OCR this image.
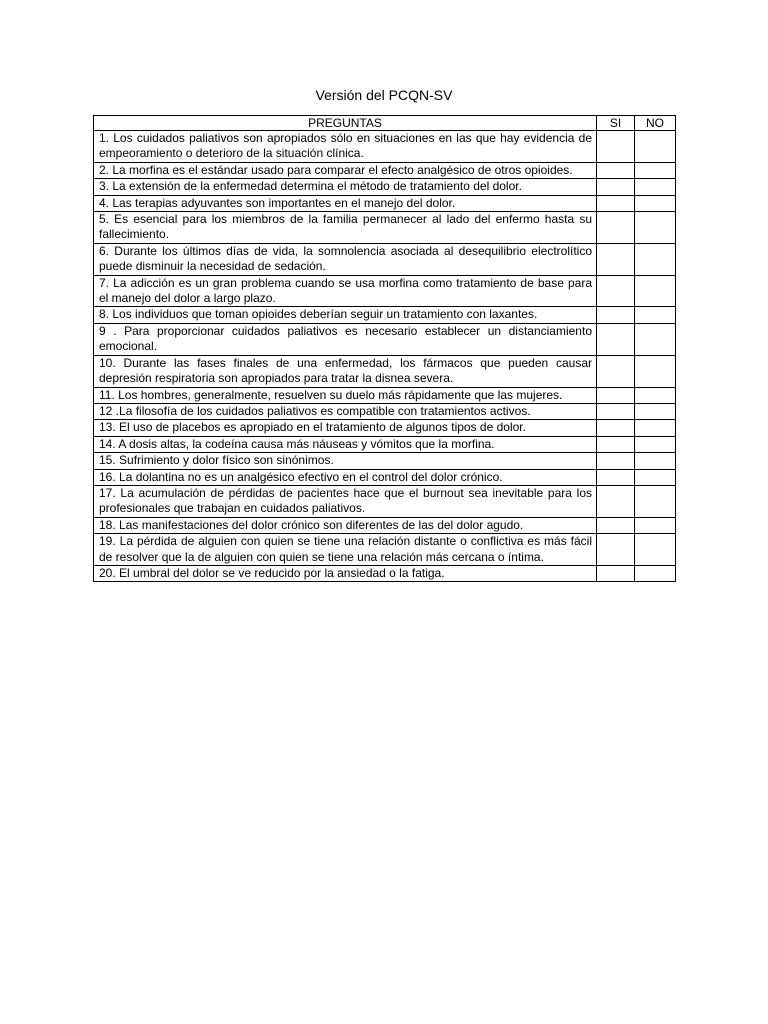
Versión del PCQN-SV
PREGUNTAS	SI	NO
1. Los cuidados paliativos son apropiados sólo en situaciones en las que hay evidencia de empeoramiento o deterioro de la situación clínica.		
2. La morfina es el estándar usado para comparar el efecto analgésico de otros opioides.		
3. La extensión de la enfermedad determina el método de tratamiento del dolor.		
4. Las terapias adyuvantes son importantes en el manejo del dolor.		
5. Es esencial para los miembros de la familia permanecer al lado del enfermo hasta su fallecimiento.		
6. Durante los últimos días de vida, la somnolencia asociada al desequilibrio electrolítico puede disminuir la necesidad de sedación.		
7. La adicción es un gran problema cuando se usa morfina como tratamiento de base para el manejo del dolor a largo plazo.		
8. Los individuos que toman opioides deberían seguir un tratamiento con laxantes.		
9 . Para proporcionar cuidados paliativos es necesario establecer un distanciamiento emocional.		
10. Durante las fases finales de una enfermedad, los fármacos que pueden causar depresión respiratoria son apropiados para tratar la disnea severa.		
11. Los hombres, generalmente, resuelven su duelo más rápidamente que las mujeres.		
12 .La filosofía de los cuidados paliativos es compatible con tratamientos activos.		
13. El uso de placebos es apropiado en el tratamiento de algunos tipos de dolor.		
14. A dosis altas, la codeína causa más náuseas y vómitos que la morfina.		
15. Sufrimiento y dolor físico son sinónimos.		
16. La dolantina no es un analgésico efectivo en el control del dolor crónico.		
17. La acumulación de pérdidas de pacientes hace que el burnout sea inevitable para los profesionales que trabajan en cuidados paliativos.		
18. Las manifestaciones del dolor crónico son diferentes de las del dolor agudo.		
19. La pérdida de alguien con quien se tiene una relación distante o conflictiva es más fácil de resolver que la de alguien con quien se tiene una relación más cercana o íntima.		
20. El umbral del dolor se ve reducido por la ansiedad o la fatiga.		
